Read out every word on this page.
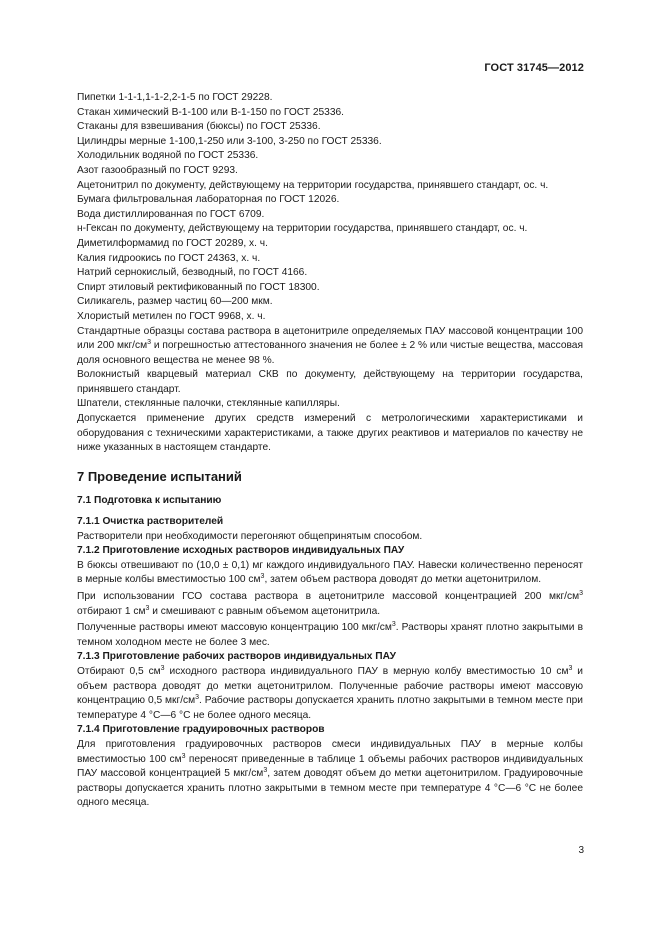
ГОСТ 31745—2012

Пипетки 1-1-1,1-1-2,2-1-5 по ГОСТ 29228.

Стакан химический В-1-100 или В-1-150 по ГОСТ 25336.

Стаканы для взвешивания (бюксы) по ГОСТ 25336.

Цилиндры мерные 1-100,1-250 или 3-100, 3-250 по ГОСТ 25336.

Холодильник водяной по ГОСТ 25336.

Азот газообразный по ГОСТ 9293.

Ацетонитрил по документу, действующему на территории государства, принявшего стандарт, ос. ч.

Бумага фильтровальная лабораторная по ГОСТ 12026.

Вода дистиллированная по ГОСТ 6709.

н-Гексан по документу, действующему на территории государства, принявшего стандарт, ос. ч.

Диметилформамид по ГОСТ 20289, х. ч.

Калия гидроокись по ГОСТ 24363, х. ч.

Натрий сернокислый, безводный, по ГОСТ 4166.

Спирт этиловый ректификованный по ГОСТ 18300.

Силикагель, размер частиц 60—200 мкм.

Хлористый метилен по ГОСТ 9968, х. ч.

Стандартные образцы состава раствора в ацетонитриле определяемых ПАУ массовой концентрации 100 или 200 мкг/$см^3$ и погрешностью аттестованного значения не более ± 2 % или чистые вещества, массовая доля основного вещества не менее 98 %.

Волокнистый кварцевый материал СКВ по документу, действующему на территории государства, принявшего стандарт.

Шпатели, стеклянные палочки, стеклянные капилляры.

Допускается применение других средств измерений с метрологическими характеристиками и оборудования с техническими характеристиками, а также других реактивов и материалов по качеству не ниже указанных в настоящем стандарте.

7 Проведение испытаний

7.1 Подготовка к испытанию

7.1.1 Очистка растворителей

Растворители при необходимости перегоняют общепринятым способом.

7.1.2 Приготовление исходных растворов индивидуальных ПАУ

В бюксы отвешивают по (10,0 ± 0,1) мг каждого индивидуального ПАУ. Навески количественно переносят в мерные колбы вместимостью 100 $см^3$, затем объем раствора доводят до метки ацетонитрилом.

При использовании ГСО состава раствора в ацетонитриле массовой концентрацией 200 мкг/$см^3$ отбирают 1 $см^3$ и смешивают с равным объемом ацетонитрила.

Полученные растворы имеют массовую концентрацию 100 мкг/$см^3$. Растворы хранят плотно закрытыми в темном холодном месте не более 3 мес.

7.1.3 Приготовление рабочих растворов индивидуальных ПАУ

Отбирают 0,5 $см^3$ исходного раствора индивидуального ПАУ в мерную колбу вместимостью 10 $см^3$ и объем раствора доводят до метки ацетонитрилом. Полученные рабочие растворы имеют массовую концентрацию 0,5 мкг/$см^3$. Рабочие растворы допускается хранить плотно закрытыми в темном месте при температуре 4 °С—6 °С не более одного месяца.

7.1.4 Приготовление градуировочных растворов

Для приготовления градуировочных растворов смеси индивидуальных ПАУ в мерные колбы вместимостью 100 $см^3$ переносят приведенные в таблице 1 объемы рабочих растворов индивидуальных ПАУ массовой концентрацией 5 мкг/$см^3$, затем доводят объем до метки ацетонитрилом. Градуировочные растворы допускается хранить плотно закрытыми в темном месте при температуре 4 °С—6 °С не более одного месяца.

3
